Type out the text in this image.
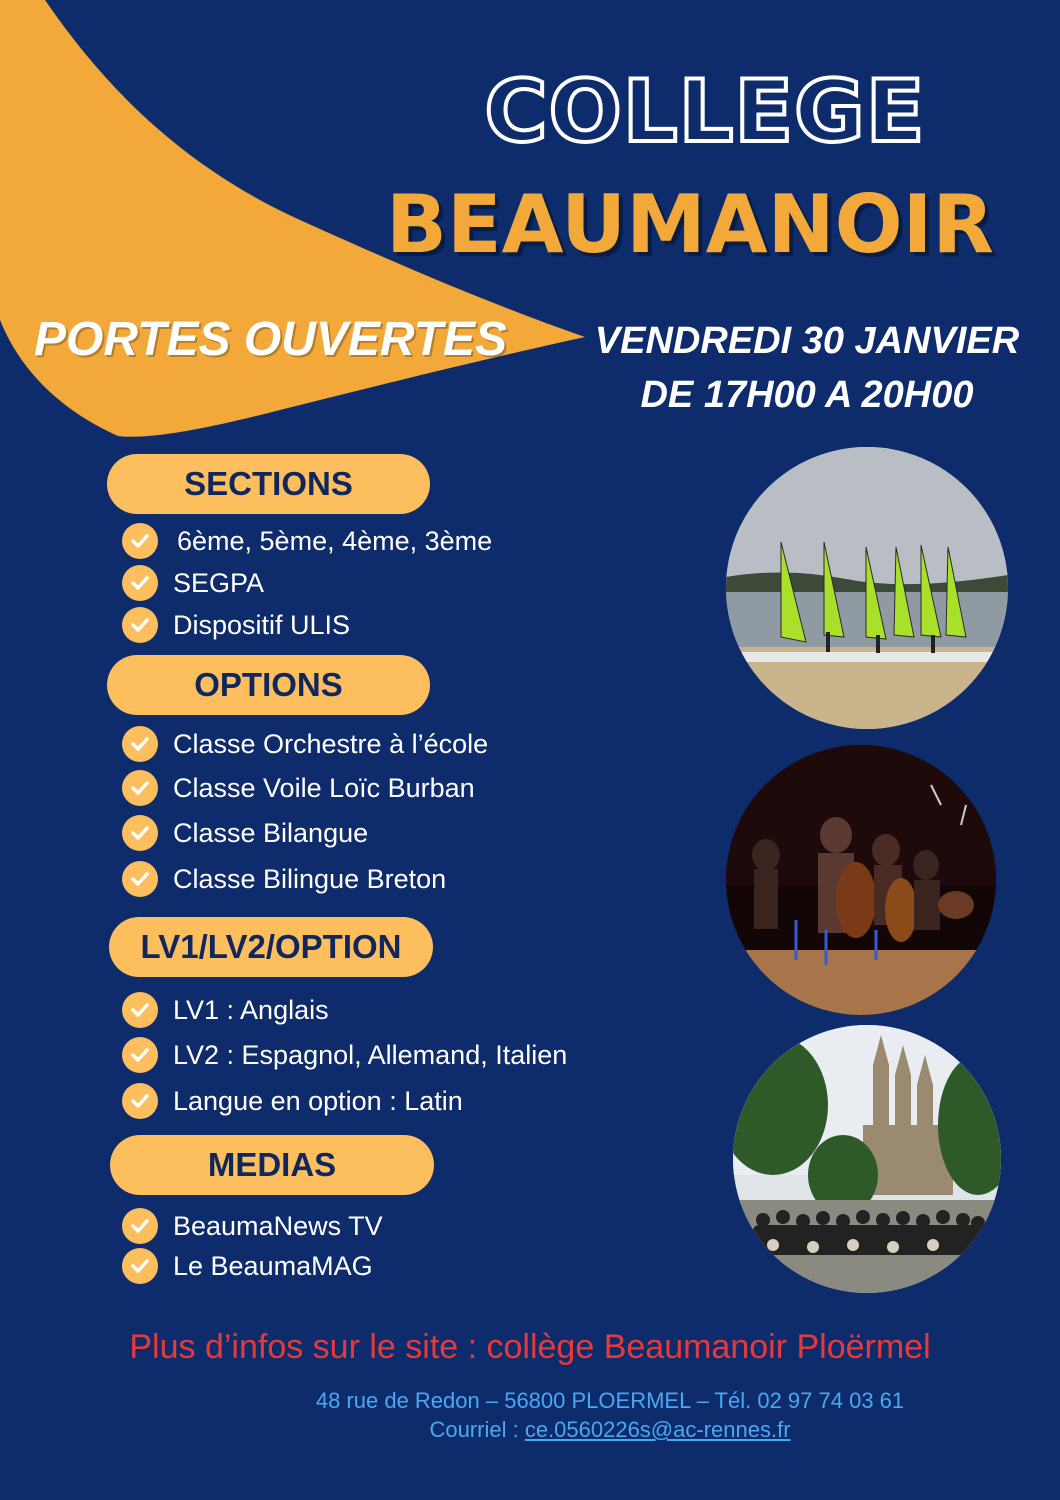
COLLEGE
BEAUMANOIR
PORTES OUVERTES	VENDREDI 30 JANVIER
DE 17H00 A 20H00
SECTIONS
6ème, 5ème, 4ème, 3ème
SEGPA
Dispositif ULIS
OPTIONS
Classe Orchestre à l’école
Classe Voile Loïc Burban
Classe Bilangue
Classe Bilingue Breton
LV1/LV2/OPTION
LV1 : Anglais
LV2 : Espagnol, Allemand, Italien
Langue en option : Latin
MEDIAS
BeaumaNews TV
Le BeaumaMAG
Plus d’infos sur le site : collège Beaumanoir Ploërmel
48 rue de Redon – 56800 PLOERMEL – Tél. 02 97 74 03 61
Courriel : ce.0560226s@ac-rennes.fr
